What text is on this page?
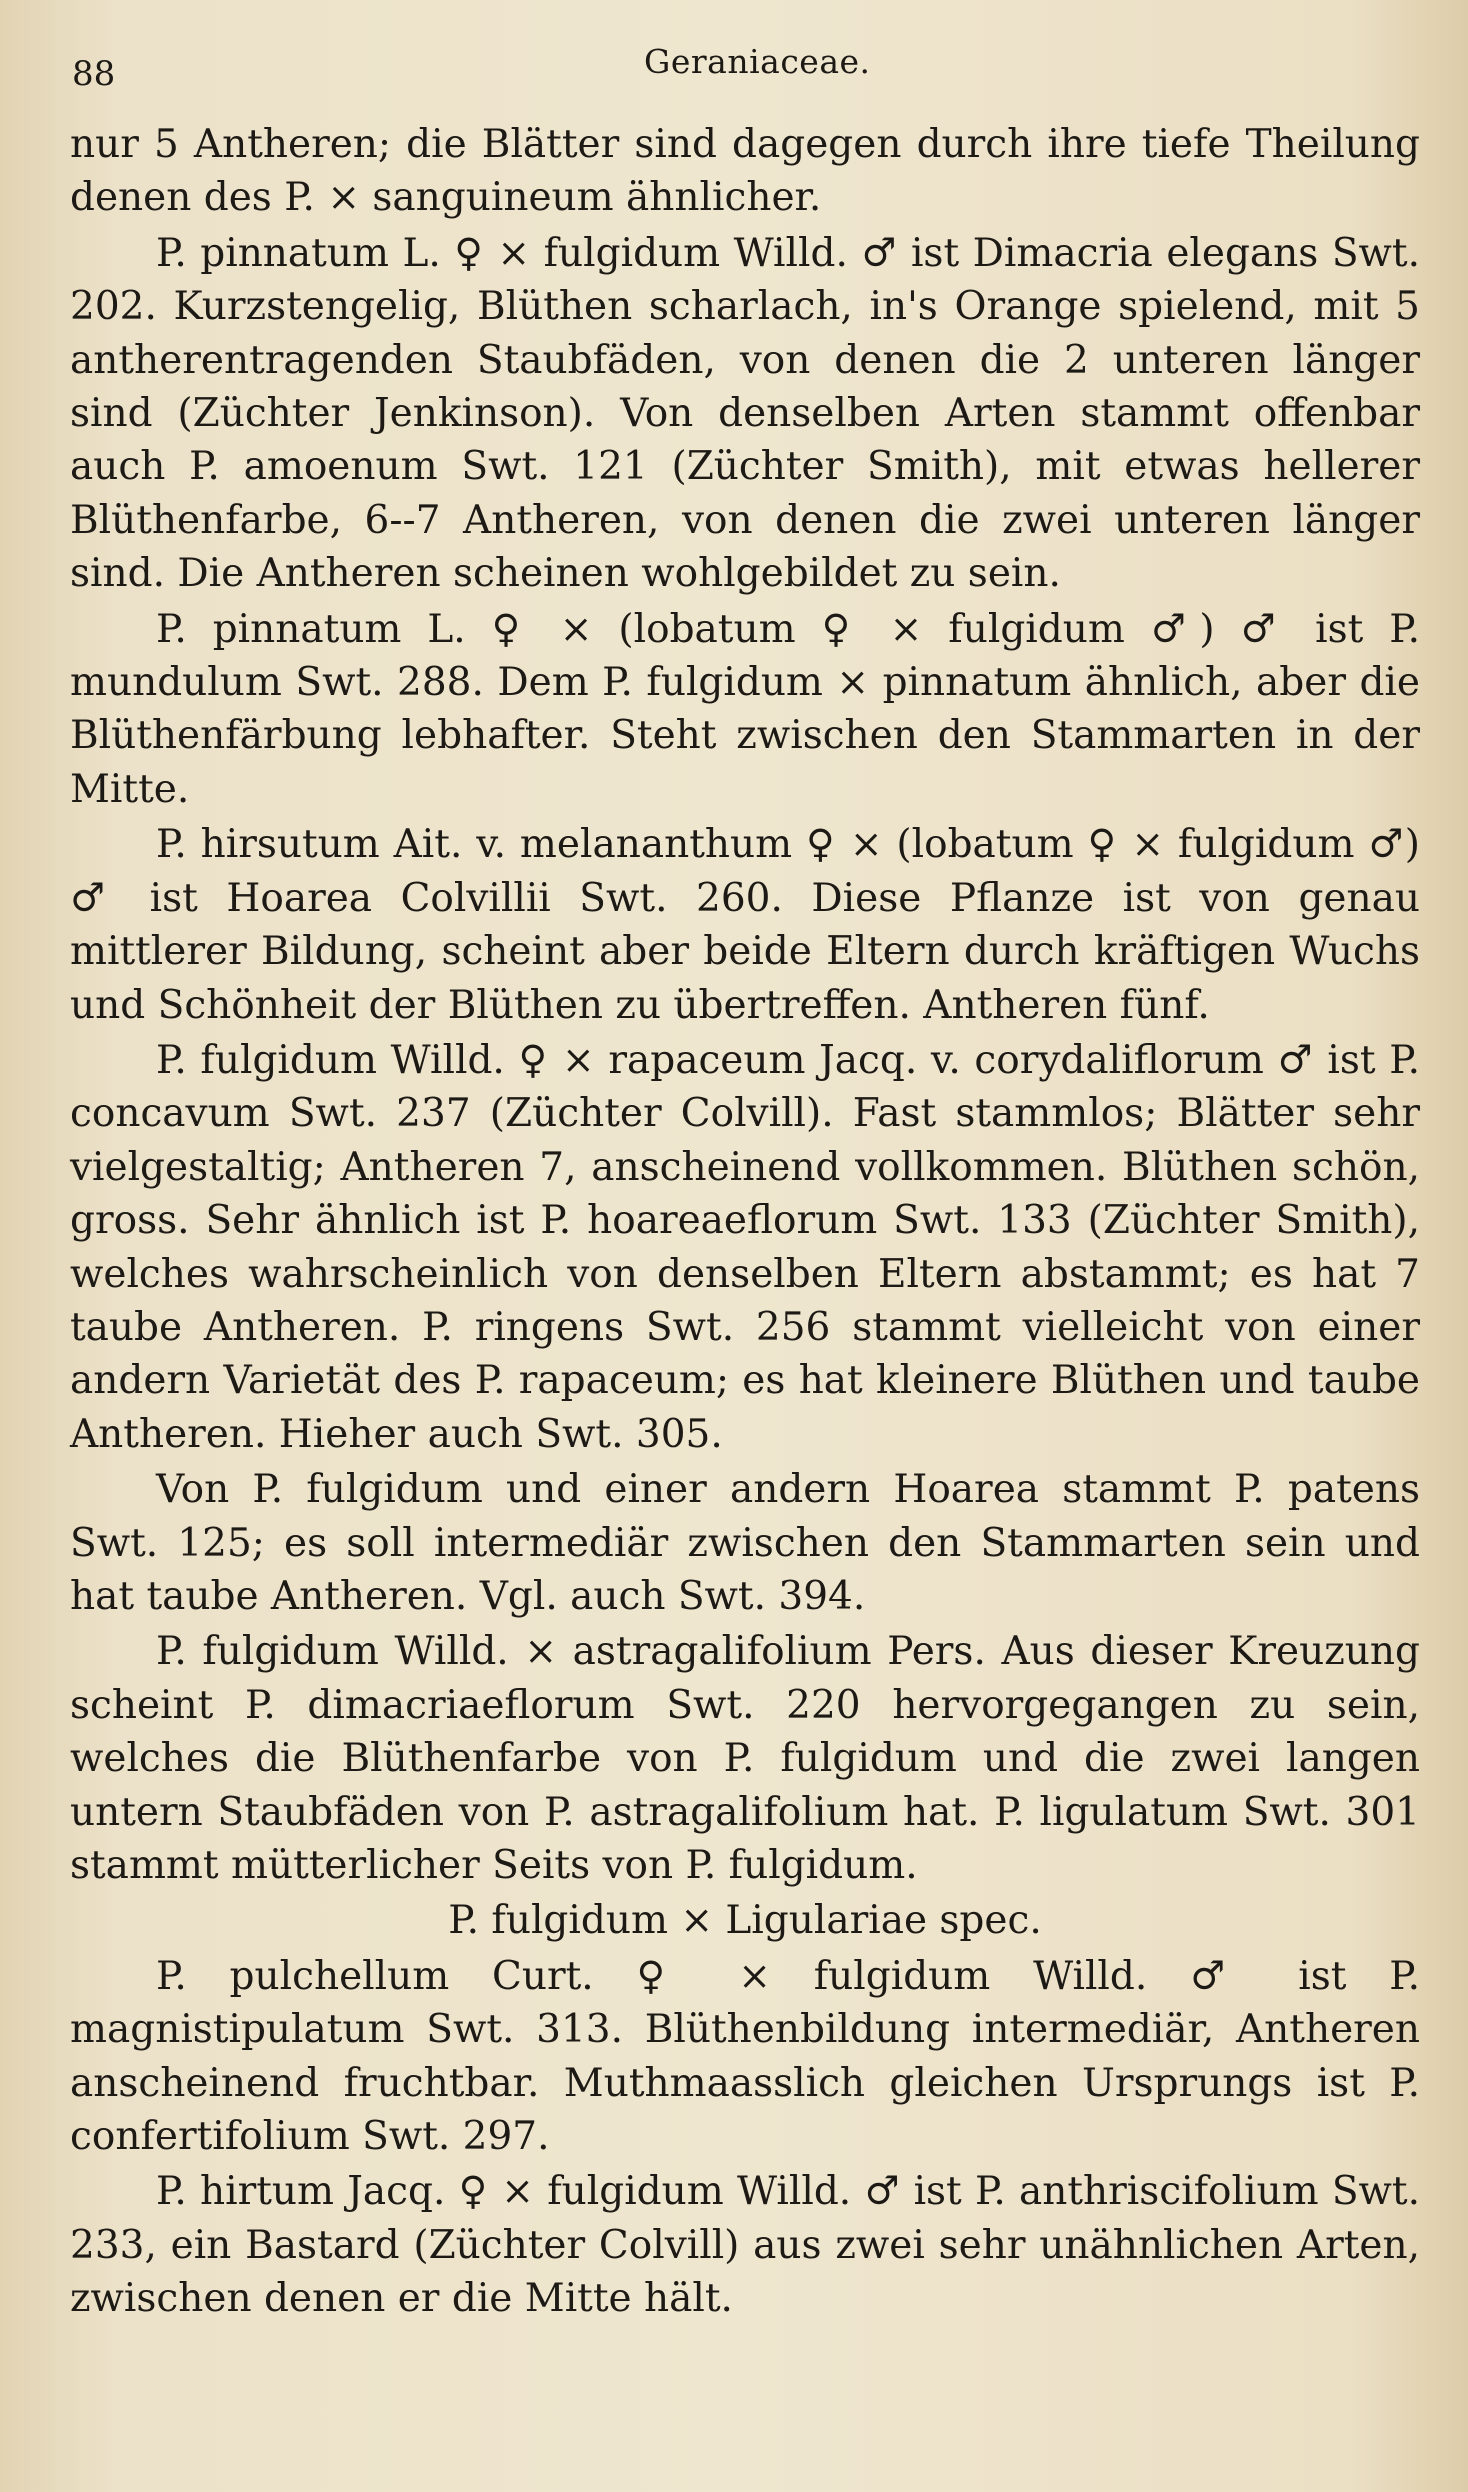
88	Geraniaceae.

nur 5 Antheren; die Blätter sind dagegen durch ihre tiefe Theilung denen des P. ⨯ sanguineum ähnlicher.

P. pinnatum L. ♀ × fulgidum Willd. ♂ ist Dimacria elegans Swt. 202. Kurzstengelig, Blüthen scharlach, in's Orange spielend, mit 5 antherentragenden Staubfäden, von denen die 2 unteren länger sind (Züchter Jenkinson). Von denselben Arten stammt offenbar auch P. amoenum Swt. 121 (Züchter Smith), mit etwas hellerer Blüthenfarbe, 6--7 Antheren, von denen die zwei unteren länger sind. Die Antheren scheinen wohlgebildet zu sein.

P. pinnatum L. ♀ × (lobatum ♀ × fulgidum ♂) ♂ ist P. mundulum Swt. 288. Dem P. fulgidum × pinnatum ähnlich, aber die Blüthenfärbung lebhafter. Steht zwischen den Stammarten in der Mitte.

P. hirsutum Ait. v. melananthum ♀ × (lobatum ♀ × fulgidum ♂) ♂ ist Hoarea Colvillii Swt. 260. Diese Pflanze ist von genau mittlerer Bildung, scheint aber beide Eltern durch kräftigen Wuchs und Schönheit der Blüthen zu übertreffen. Antheren fünf.

P. fulgidum Willd. ♀ × rapaceum Jacq. v. corydaliflorum ♂ ist P. concavum Swt. 237 (Züchter Colvill). Fast stammlos; Blätter sehr vielgestaltig; Antheren 7, anscheinend vollkommen. Blüthen schön, gross. Sehr ähnlich ist P. hoareaeflorum Swt. 133 (Züchter Smith), welches wahrscheinlich von denselben Eltern abstammt; es hat 7 taube Antheren. P. ringens Swt. 256 stammt vielleicht von einer andern Varietät des P. rapaceum; es hat kleinere Blüthen und taube Antheren. Hieher auch Swt. 305.

Von P. fulgidum und einer andern Hoarea stammt P. patens Swt. 125; es soll intermediär zwischen den Stammarten sein und hat taube Antheren. Vgl. auch Swt. 394.

P. fulgidum Willd. × astragalifolium Pers. Aus dieser Kreuzung scheint P. dimacriaeflorum Swt. 220 hervorgegangen zu sein, welches die Blüthenfarbe von P. fulgidum und die zwei langen untern Staubfäden von P. astragalifolium hat. P. ligulatum Swt. 301 stammt mütterlicher Seits von P. fulgidum.

P. fulgidum × Ligulariae spec.

P. pulchellum Curt. ♀ × fulgidum Willd. ♂ ist P. magnistipulatum Swt. 313. Blüthenbildung intermediär, Antheren anscheinend fruchtbar. Muthmaasslich gleichen Ursprungs ist P. confertifolium Swt. 297.

P. hirtum Jacq. ♀ × fulgidum Willd. ♂ ist P. anthriscifolium Swt. 233, ein Bastard (Züchter Colvill) aus zwei sehr unähnlichen Arten, zwischen denen er die Mitte hält.
